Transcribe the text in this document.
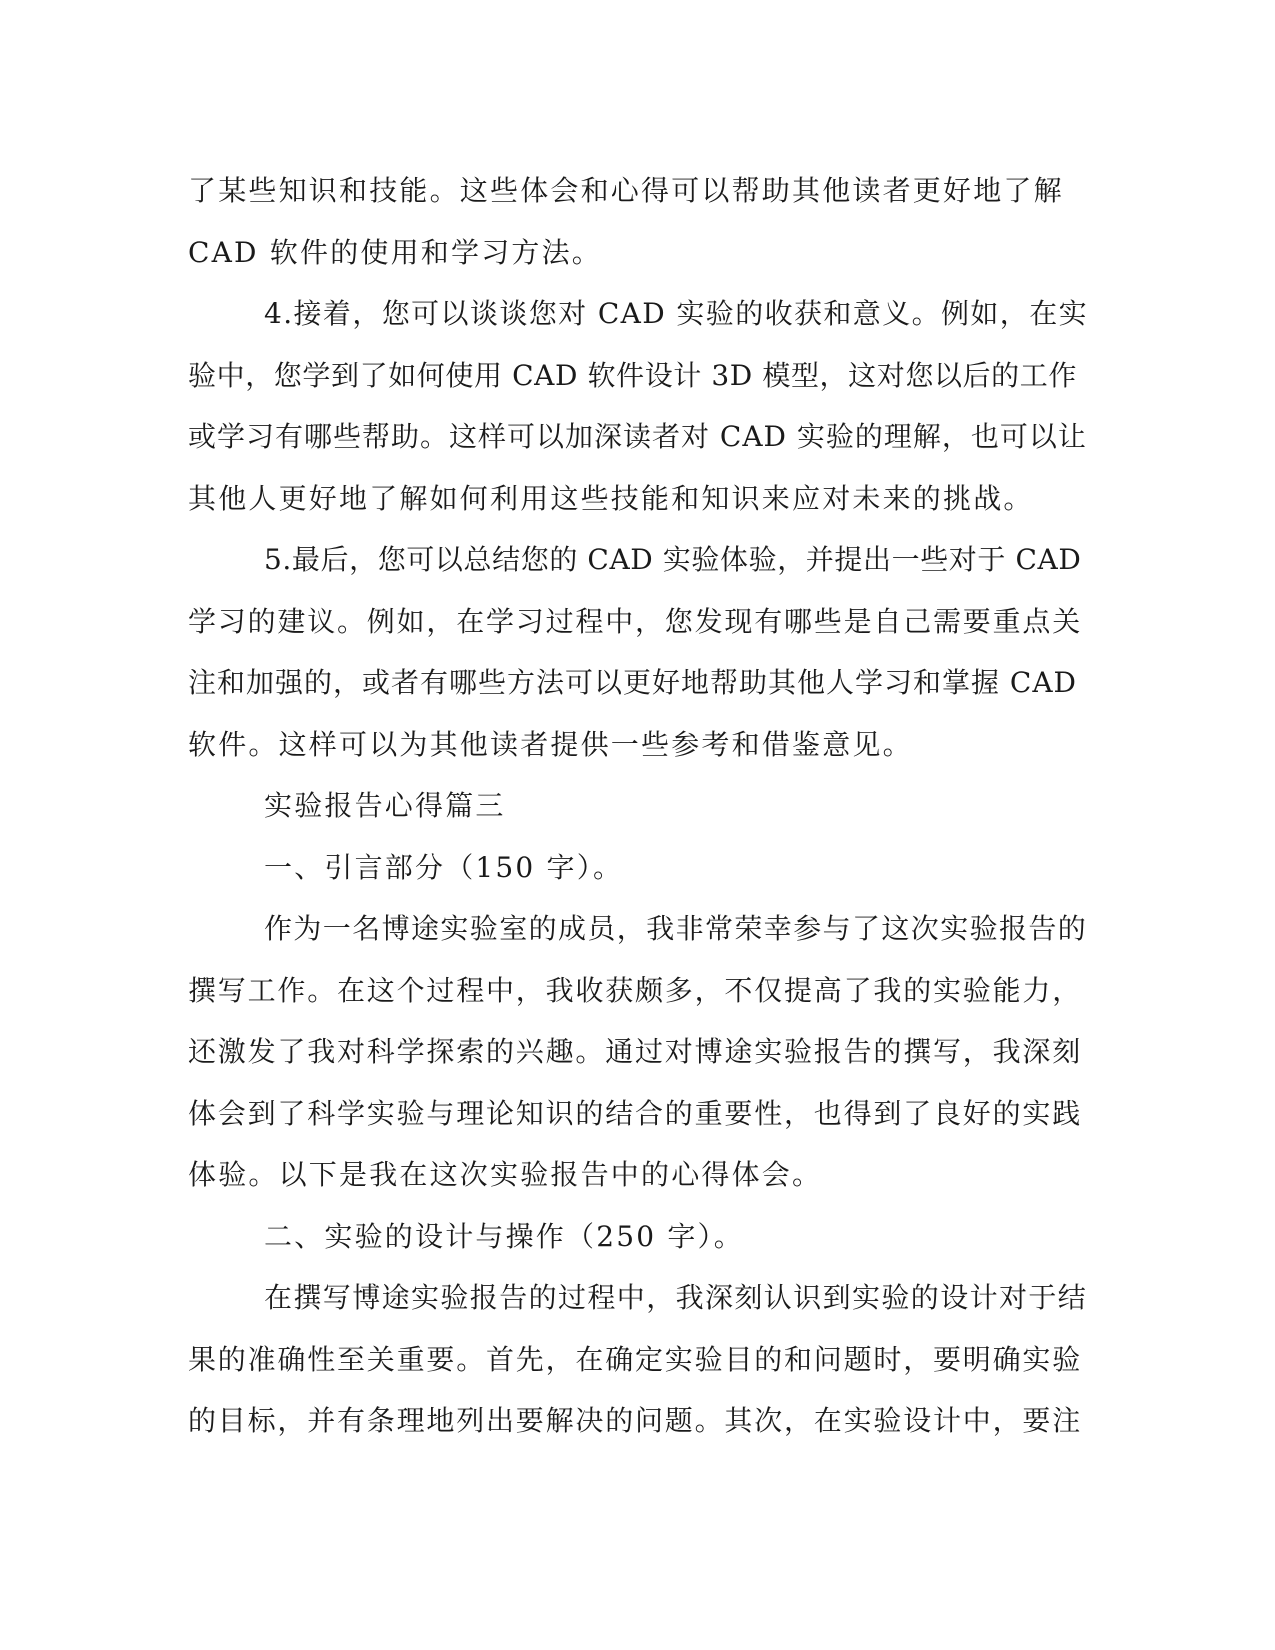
了某些知识和技能。这些体会和心得可以帮助其他读者更好地了解
CAD 软件的使用和学习方法。
4.接着，您可以谈谈您对 CAD 实验的收获和意义。例如，在实
验中，您学到了如何使用 CAD 软件设计 3D 模型，这对您以后的工作
或学习有哪些帮助。这样可以加深读者对 CAD 实验的理解，也可以让
其他人更好地了解如何利用这些技能和知识来应对未来的挑战。
5.最后，您可以总结您的 CAD 实验体验，并提出一些对于 CAD
学习的建议。例如，在学习过程中，您发现有哪些是自己需要重点关
注和加强的，或者有哪些方法可以更好地帮助其他人学习和掌握 CAD
软件。这样可以为其他读者提供一些参考和借鉴意见。
实验报告心得篇三
一、引言部分（150 字）。
作为一名博途实验室的成员，我非常荣幸参与了这次实验报告的
撰写工作。在这个过程中，我收获颇多，不仅提高了我的实验能力，
还激发了我对科学探索的兴趣。通过对博途实验报告的撰写，我深刻
体会到了科学实验与理论知识的结合的重要性，也得到了良好的实践
体验。以下是我在这次实验报告中的心得体会。
二、实验的设计与操作（250 字）。
在撰写博途实验报告的过程中，我深刻认识到实验的设计对于结
果的准确性至关重要。首先，在确定实验目的和问题时，要明确实验
的目标，并有条理地列出要解决的问题。其次，在实验设计中，要注
